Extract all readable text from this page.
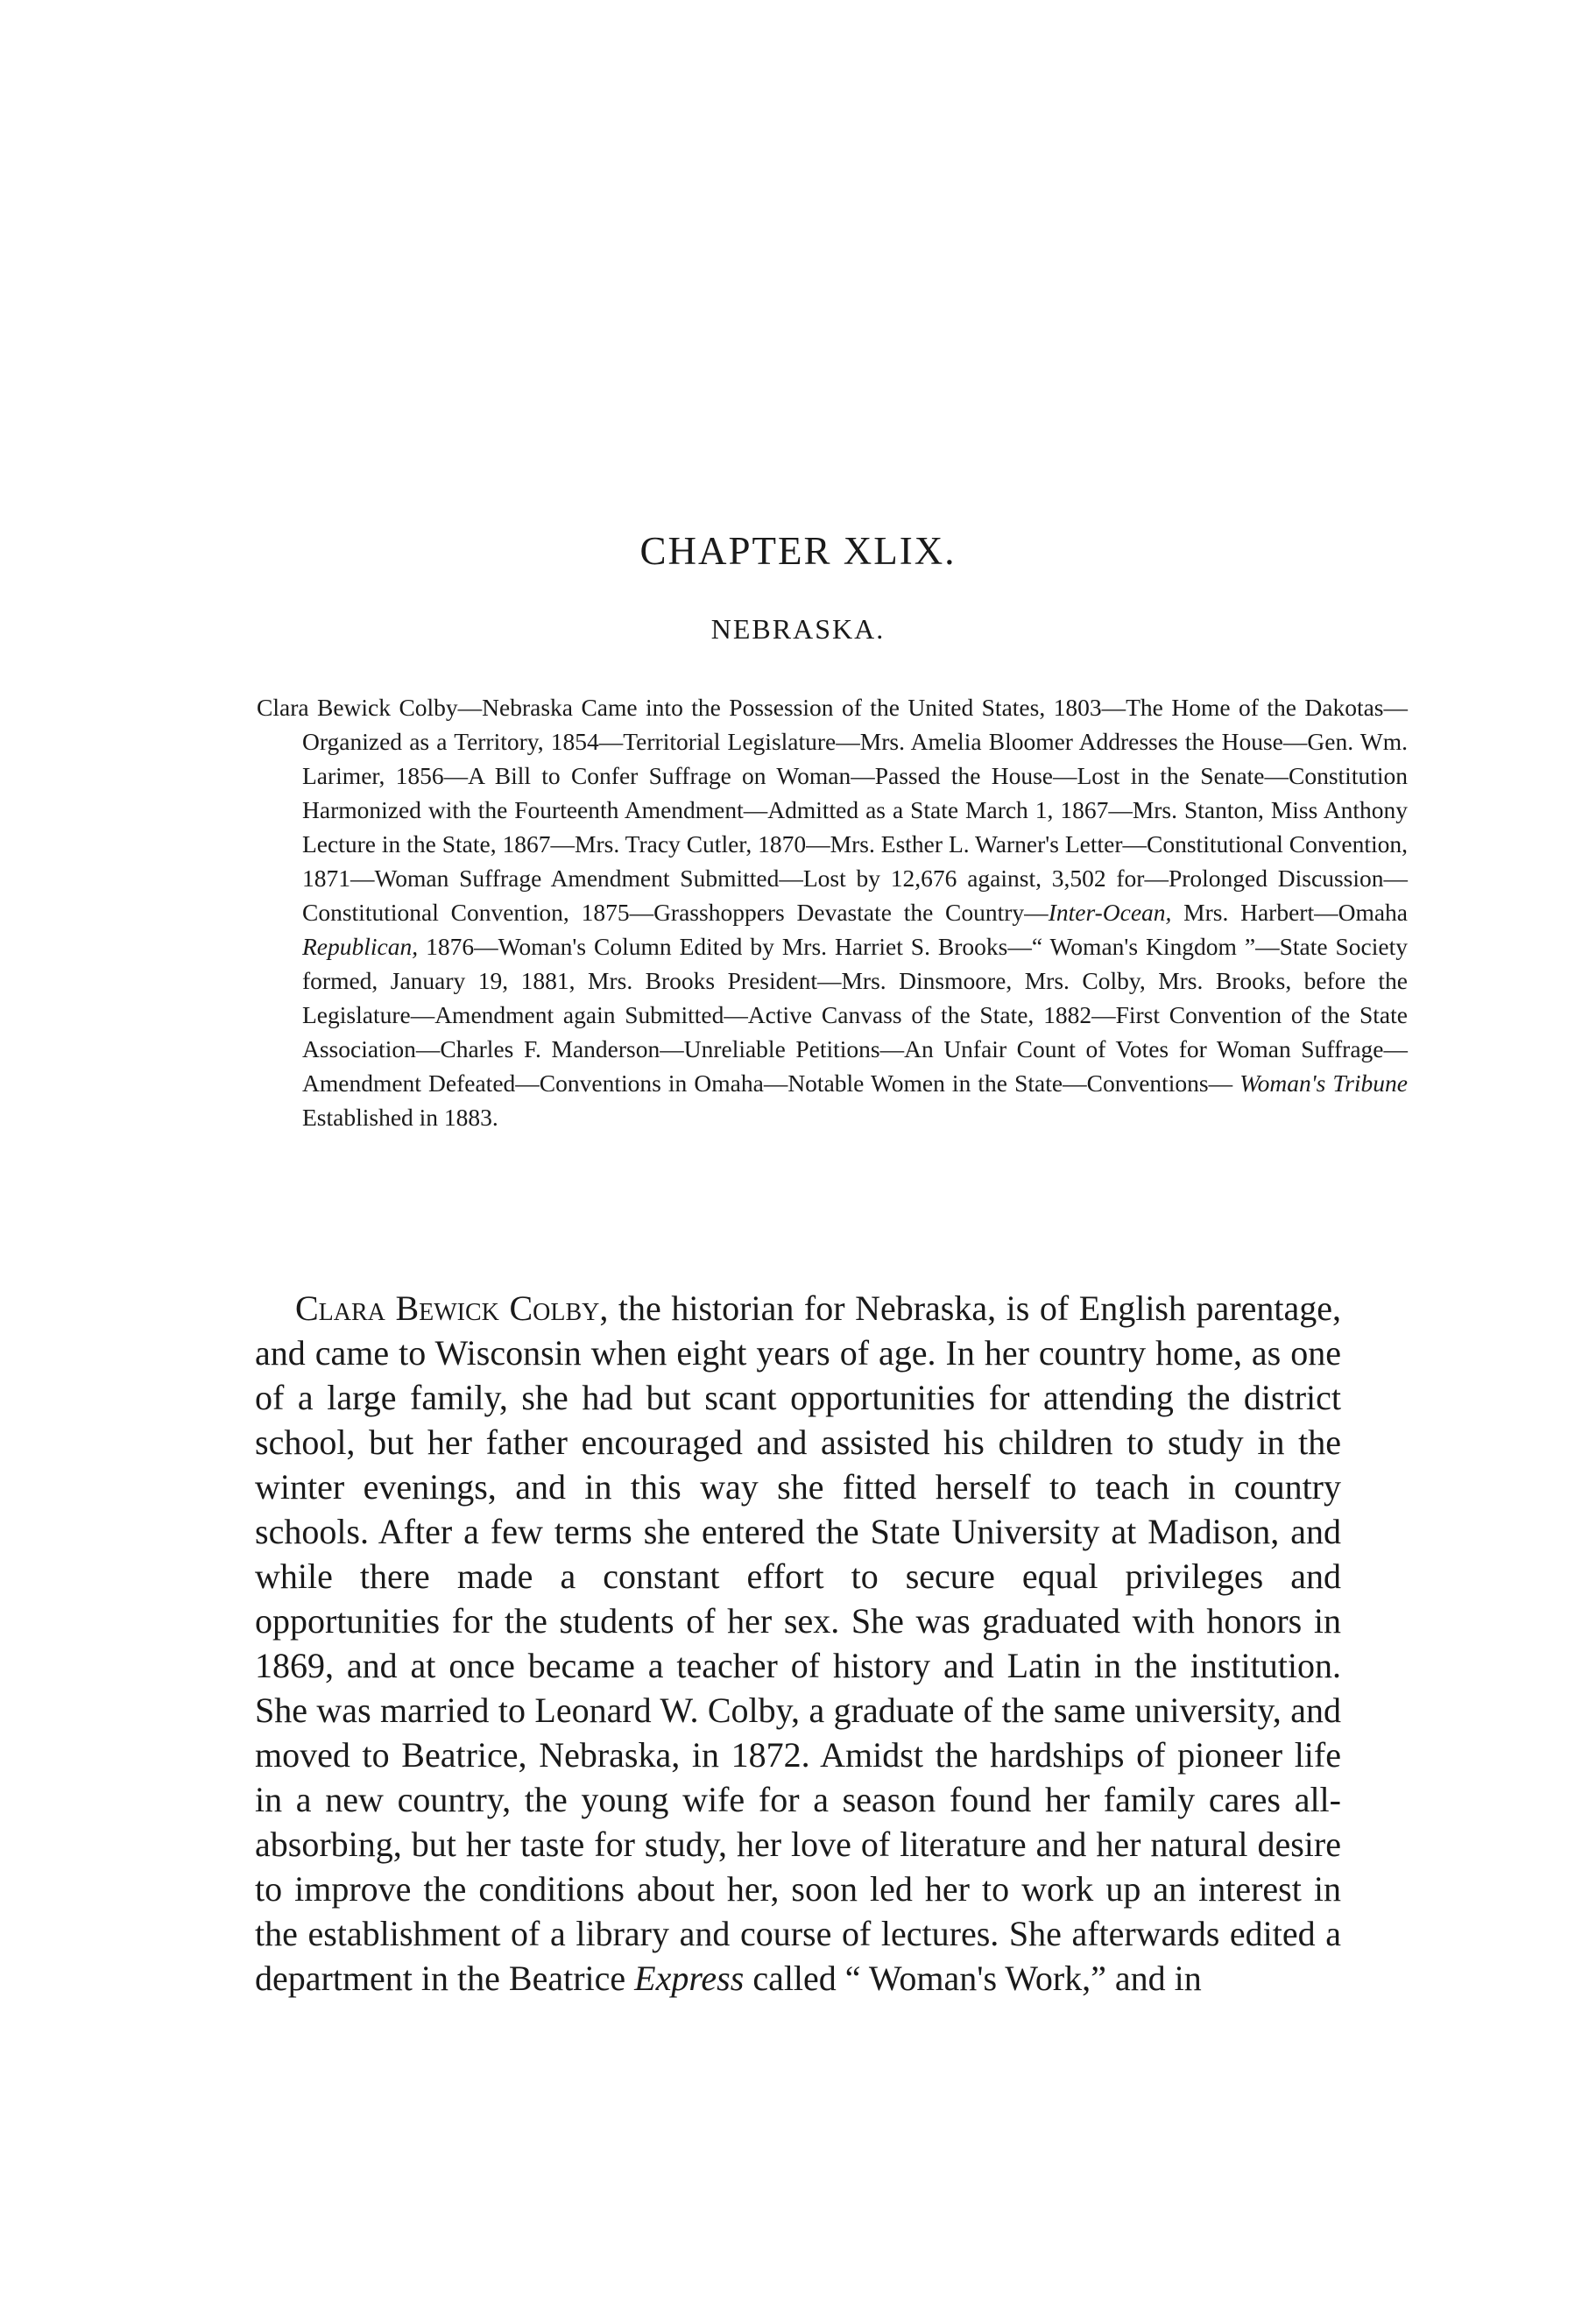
CHAPTER XLIX.
NEBRASKA.

Clara Bewick Colby—Nebraska Came into the Possession of the United States, 1803—The Home of the Dakotas—Organized as a Territory, 1854—Territorial Legislature—Mrs. Amelia Bloomer Addresses the House—Gen. Wm. Larimer, 1856—A Bill to Confer Suffrage on Woman—Passed the House—Lost in the Senate—Constitution Harmonized with the Fourteenth Amendment—Admitted as a State March 1, 1867—Mrs. Stanton, Miss Anthony Lecture in the State, 1867—Mrs. Tracy Cutler, 1870—Mrs. Esther L. Warner's Letter—Constitutional Convention, 1871—Woman Suffrage Amendment Submitted—Lost by 12,676 against, 3,502 for—Prolonged Discussion—Constitutional Convention, 1875—Grasshoppers Devastate the Country—Inter-Ocean, Mrs. Harbert—Omaha Republican, 1876—Woman's Column Edited by Mrs. Harriet S. Brooks—“ Woman's Kingdom ”—State Society formed, January 19, 1881, Mrs. Brooks President—Mrs. Dinsmoore, Mrs. Colby, Mrs. Brooks, before the Legislature—Amendment again Submitted—Active Canvass of the State, 1882—First Convention of the State Association—Charles F. Manderson—Unreliable Petitions—An Unfair Count of Votes for Woman Suffrage—Amendment Defeated—Conventions in Omaha—Notable Women in the State—Conventions— Woman's Tribune Established in 1883.

Clara Bewick Colby, the historian for Nebraska, is of English parentage, and came to Wisconsin when eight years of age. In her country home, as one of a large family, she had but scant opportunities for attending the district school, but her father encouraged and assisted his children to study in the winter evenings, and in this way she fitted herself to teach in country schools. After a few terms she entered the State University at Madison, and while there made a constant effort to secure equal privileges and opportunities for the students of her sex. She was graduated with honors in 1869, and at once became a teacher of history and Latin in the institution. She was married to Leonard W. Colby, a graduate of the same university, and moved to Beatrice, Nebraska, in 1872. Amidst the hardships of pioneer life in a new country, the young wife for a season found her family cares all-absorbing, but her taste for study, her love of literature and her natural desire to improve the conditions about her, soon led her to work up an interest in the establishment of a library and course of lectures. She afterwards edited a department in the Beatrice Express called “ Woman's Work,” and in
